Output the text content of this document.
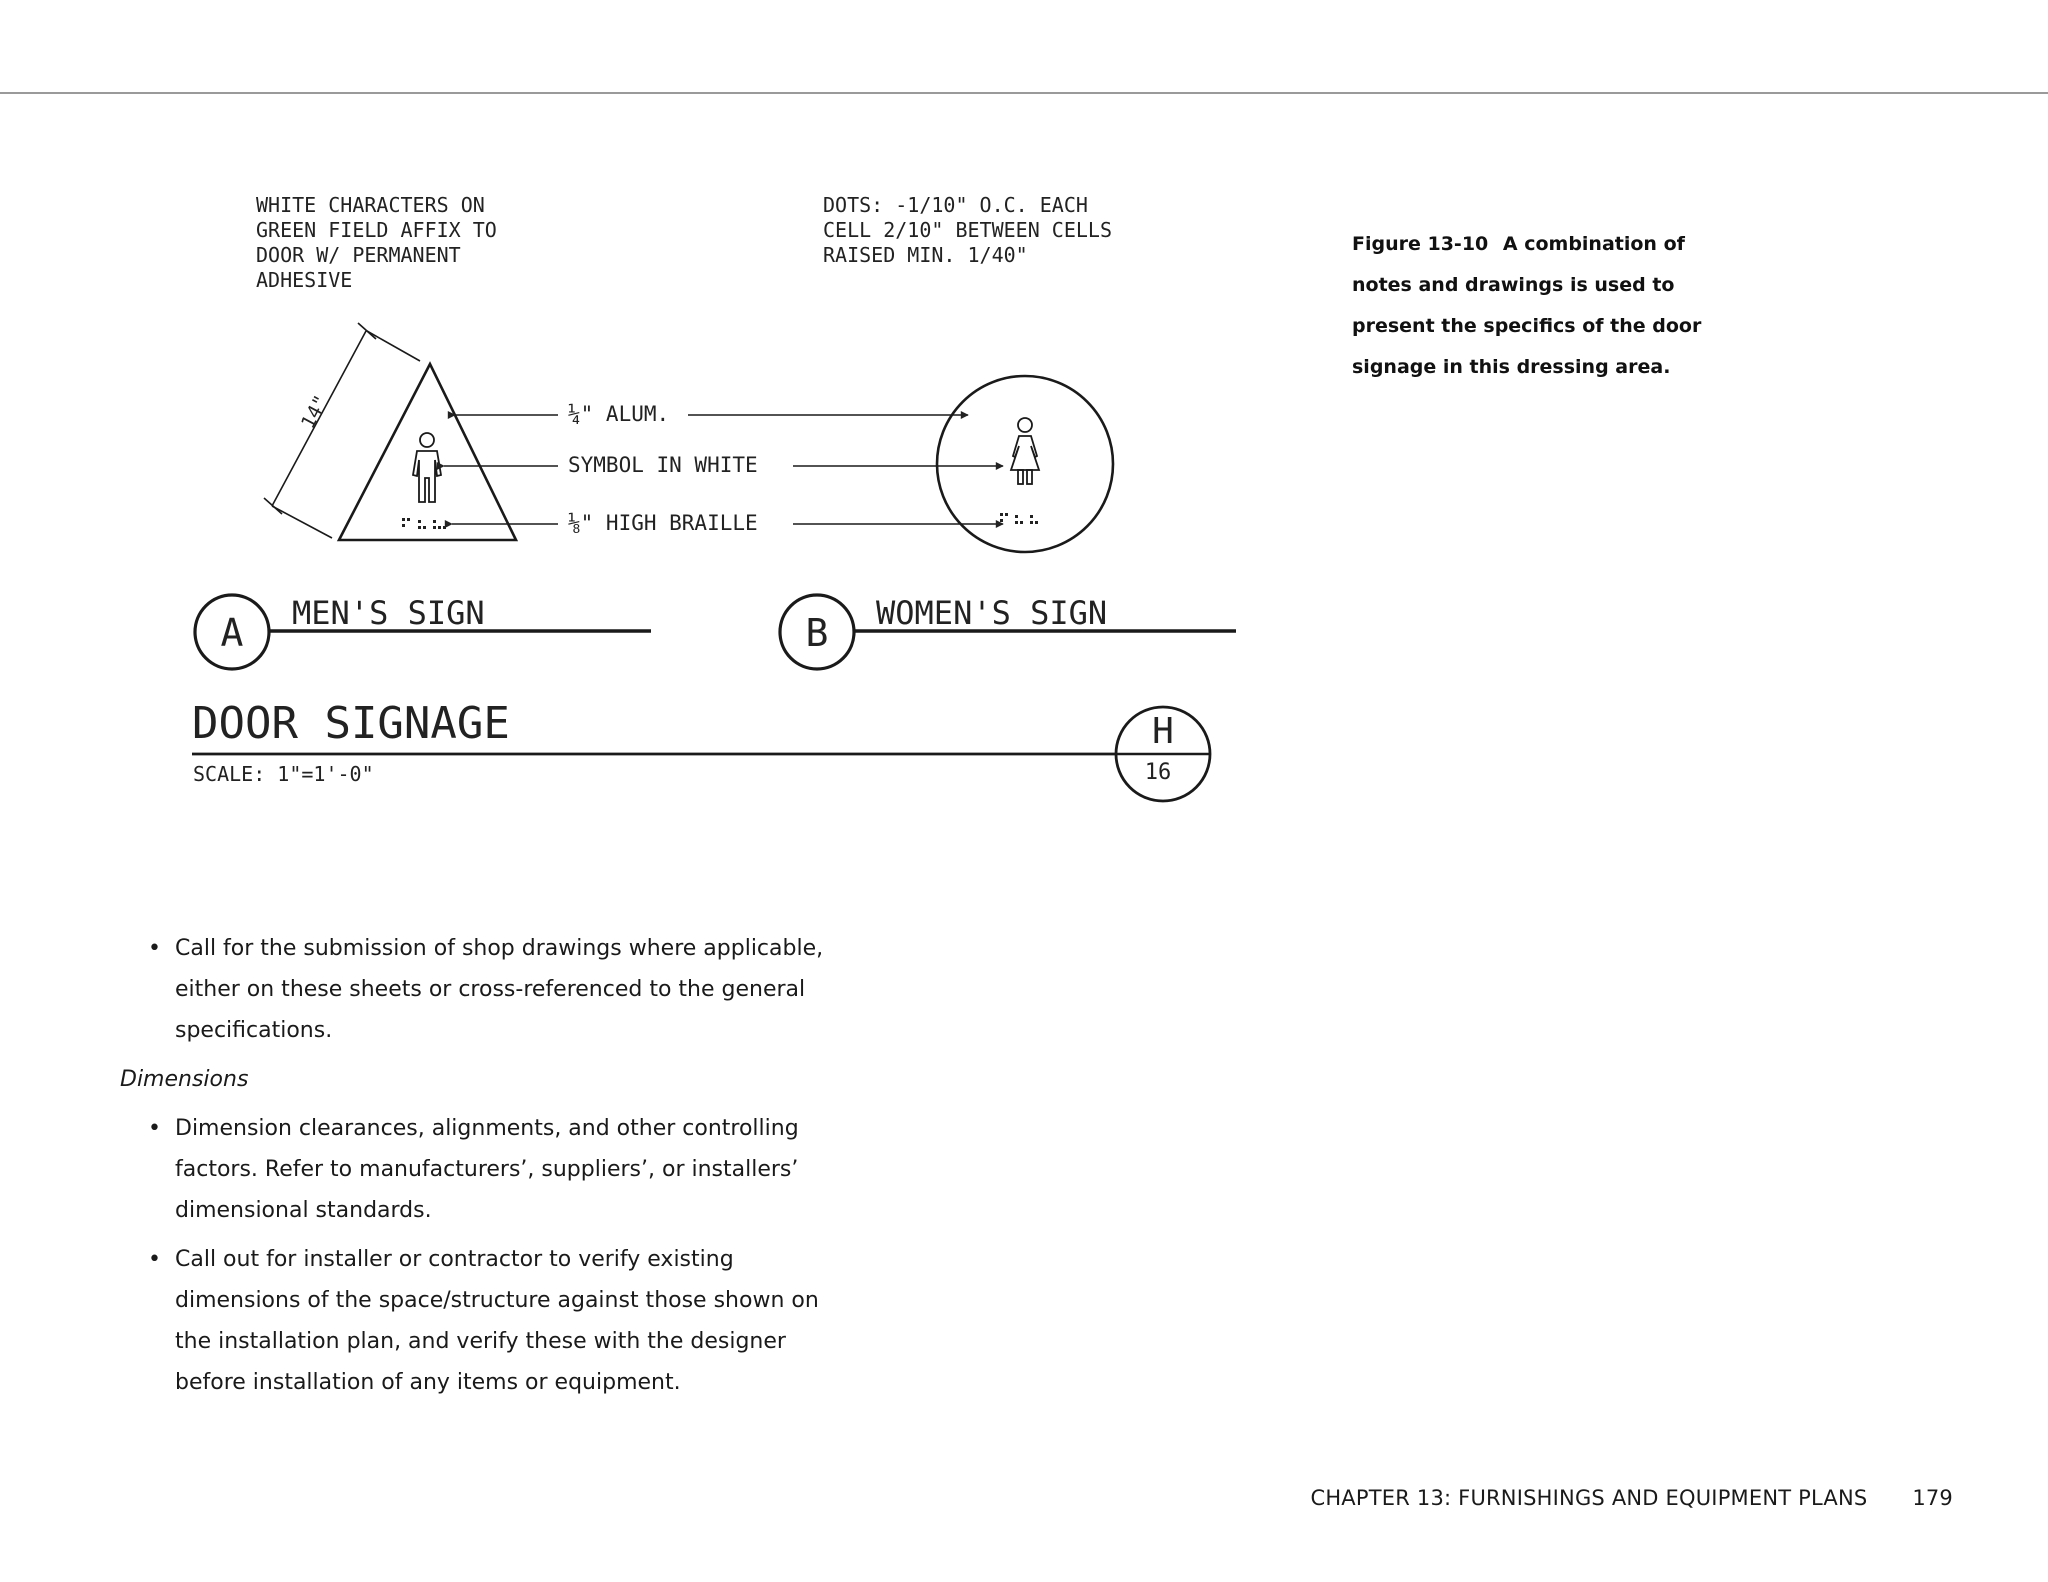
WHITE CHARACTERS ON
GREEN FIELD AFFIX TO
DOOR W/ PERMANENT
ADHESIVE
DOTS: -1/10" O.C. EACH
CELL 2/10" BETWEEN CELLS
RAISED MIN. 1/40"
14"	¼" ALUM.
SYMBOL IN WHITE
⅛" HIGH BRAILLE
A MEN'S SIGN	B WOMEN'S SIGN
DOOR SIGNAGE
SCALE: 1"=1'-0"
H
16
Figure 13-10 A combination of notes and drawings is used to present the specifics of the door signage in this dressing area.
• Call for the submission of shop drawings where applicable, either on these sheets or cross-referenced to the general specifications.
Dimensions
• Dimension clearances, alignments, and other controlling factors. Refer to manufacturers’, suppliers’, or installers’ dimensional standards.
• Call out for installer or contractor to verify existing dimensions of the space/structure against those shown on the installation plan, and verify these with the designer before installation of any items or equipment.
CHAPTER 13: FURNISHINGS AND EQUIPMENT PLANS 179
